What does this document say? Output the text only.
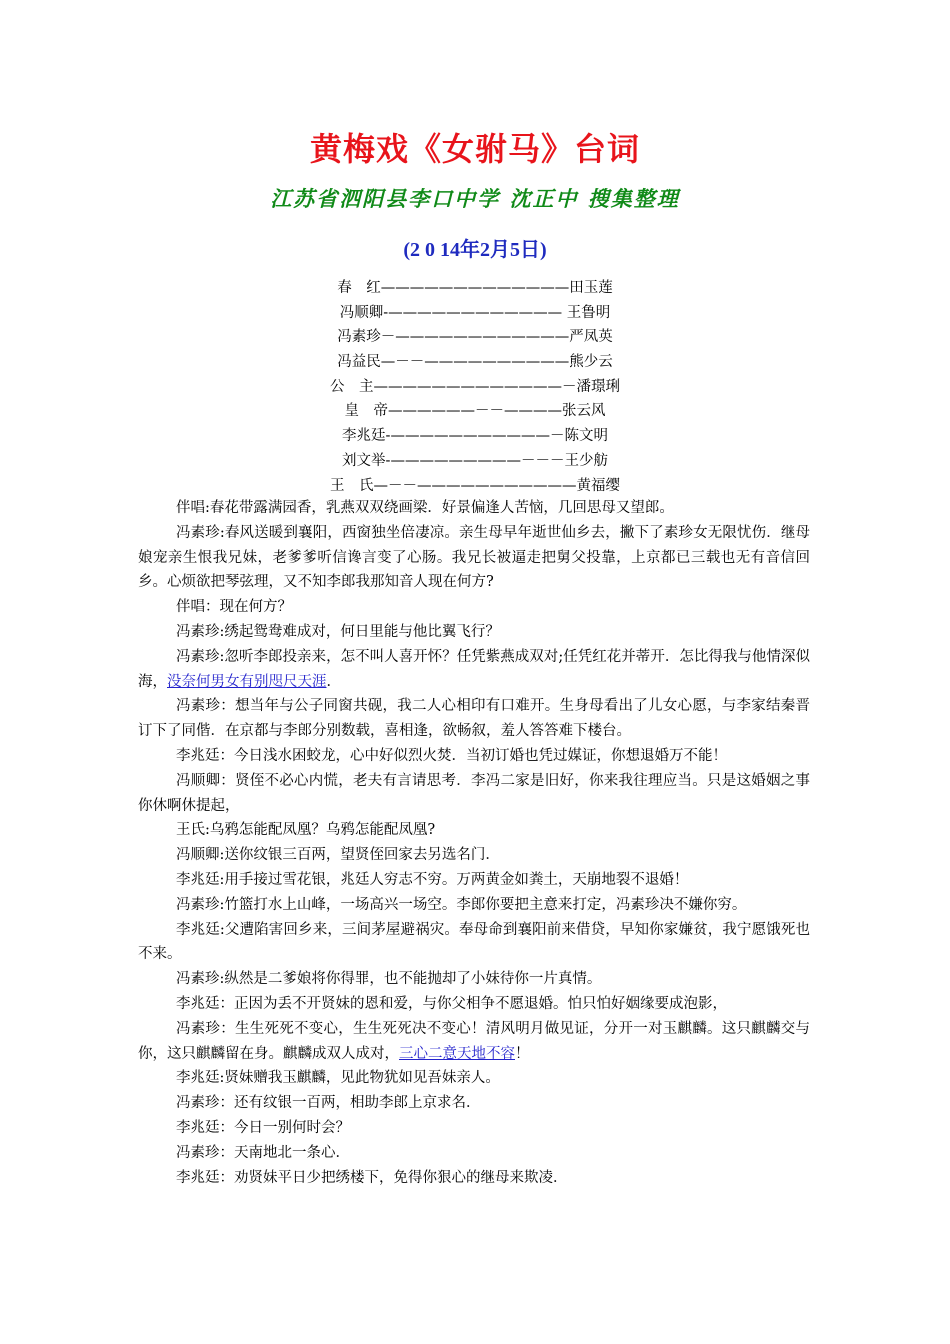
黄梅戏《女驸马》台词
江苏省泗阳县李口中学 沈正中 搜集整理
(2 0 14年2月5日)
春　红—————————————田玉莲
冯顺卿-———————————— 王鲁明
冯素珍－————————————严凤英
冯益民—－－——————————熊少云
公　主—————————————－潘璟琍
皇　帝——————－－————张云风
李兆廷-———————————－陈文明
刘文举-—————————－－－王少舫
王　氏—－－———————————黄福缨

伴唱:春花带露满园香，乳燕双双绕画梁．好景偏逢人苦恼，几回思母又望郎。

冯素珍:春风送暖到襄阳，西窗独坐倍凄凉。亲生母早年逝世仙乡去，撇下了素珍女无限忧伤．继母娘宠亲生恨我兄妹，老爹爹听信谗言变了心肠。我兄长被逼走把舅父投靠，上京都已三载也无有音信回乡。心烦欲把琴弦理，又不知李郎我那知音人现在何方?

伴唱：现在何方？

冯素珍:绣起鸳鸯难成对，何日里能与他比翼飞行？

冯素珍:忽听李郎投亲来，怎不叫人喜开怀？任凭紫燕成双对;任凭红花并蒂开．怎比得我与他情深似海，没奈何男女有别咫尺天涯．

冯素珍：想当年与公子同窗共砚，我二人心相印有口难开。生身母看出了儿女心愿，与李家结秦晋订下了同偕．在京都与李郎分别数载，喜相逢，欲畅叙，羞人答答难下楼台。

李兆廷：今日浅水困蛟龙，心中好似烈火焚．当初订婚也凭过媒证，你想退婚万不能！

冯顺卿：贤侄不必心内慌，老夫有言请思考．李冯二家是旧好，你来我往理应当。只是这婚姻之事你休啊休提起，

王氏:乌鸦怎能配凤凰？乌鸦怎能配凤凰?

冯顺卿:送你纹银三百两，望贤侄回家去另选名门．

李兆廷:用手接过雪花银，兆廷人穷志不穷。万两黄金如粪土，天崩地裂不退婚！

冯素珍:竹篮打水上山峰，一场高兴一场空。李郎你要把主意来打定，冯素珍决不嫌你穷。

李兆廷:父遭陷害回乡来，三间茅屋避祸灾。奉母命到襄阳前来借贷，早知你家嫌贫，我宁愿饿死也不来。

冯素珍:纵然是二爹娘将你得罪，也不能抛却了小妹待你一片真情。

李兆廷：正因为丢不开贤妹的恩和爱，与你父相争不愿退婚。怕只怕好姻缘要成泡影，

冯素珍：生生死死不变心，生生死死决不变心！清风明月做见证，分开一对玉麒麟。这只麒麟交与你，这只麒麟留在身。麒麟成双人成对，三心二意天地不容！

李兆廷:贤妹赠我玉麒麟，见此物犹如见吾妹亲人。

冯素珍：还有纹银一百两，相助李郎上京求名．

李兆廷：今日一别何时会？

冯素珍：天南地北一条心．

李兆廷：劝贤妹平日少把绣楼下，免得你狠心的继母来欺凌．
